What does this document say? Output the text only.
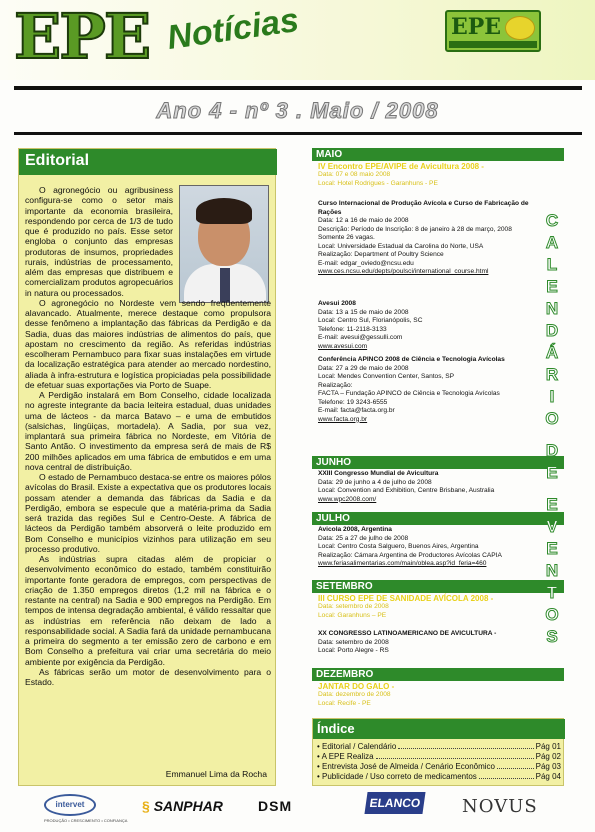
EPE Notícias	EPE
Ano 4 - nº 3 . Maio / 2008
Editorial

O agronegócio ou agribusiness configura-se como o setor mais importante da economia brasileira, respondendo por cerca de 1/3 de tudo que é produzido no país. Esse setor engloba o conjunto das empresas produtoras de insumos, propriedades rurais, indústrias de processamento, além das empresas que distribuem e comercializam produtos agropecuários in natura ou processados.

O agronegócio no Nordeste vem sendo freqüentemente alavancado. Atualmente, merece destaque como propulsora desse fenômeno a implantação das fábricas da Perdigão e da Sadia, duas das maiores indústrias de alimentos do país, que apostam no crescimento da região. As referidas indústrias escolheram Pernambuco para fixar suas instalações em virtude da localização estratégica para atender ao mercado nordestino, aliada à infra-estrutura e logística propiciadas pela possibilidade de efetuar suas exportações via Porto de Suape.

A Perdigão instalará em Bom Conselho, cidade localizada no agreste integrante da bacia leiteira estadual, duas unidades uma de lácteos - da marca Batavo – e uma de embutidos (salsichas, lingüiças, mortadela). A Sadia, por sua vez, implantará sua primeira fábrica no Nordeste, em Vitória de Santo Antão. O investimento da empresa será de mais de R$ 200 milhões aplicados em uma fábrica de embutidos e em uma nova central de distribuição.

O estado de Pernambuco destaca-se entre os maiores pólos avícolas do Brasil. Existe a expectativa que os produtores locais possam atender a demanda das fábricas da Sadia e da Perdigão, embora se especule que a matéria-prima da Sadia será trazida das regiões Sul e Centro-Oeste. A fábrica de lácteos da Perdigão também absorverá o leite produzido em Bom Conselho e municípios vizinhos para utilização em seu processo produtivo.

As indústrias supra citadas além de propiciar o desenvolvimento econômico do estado, também constituirão importante fonte geradora de empregos, com perspectivas de criação de 1.350 empregos diretos (1,2 mil na fábrica e o restante na central) na Sadia e 900 empregos na Perdigão. Em tempos de intensa degradação ambiental, é válido ressaltar que as indústrias em referência não deixam de lado a responsabilidade social. A Sadia fará da unidade pernambucana a primeira do segmento a ter emissão zero de carbono e em Bom Conselho a prefeitura vai criar uma secretária do meio ambiente por exigência da Perdigão.

As fábricas serão um motor de desenvolvimento para o Estado.

Emmanuel Lima da Rocha
MAIO
IV Encontro EPE/AVIPE de Avicultura 2008 -
Data: 07 e 08 maio 2008
Local: Hotel Rodrigues - Garanhuns - PE
Curso Internacional de Produção Avícola e Curso de Fabricação de Rações
Data: 12 a 16 de maio de 2008
Descrição: Período de Inscrição: 8 de janeiro à 28 de março, 2008
Somente 26 vagas.
Local: Universidade Estadual da Carolina do Norte, USA
Realização: Department of Poultry Science
E-mail: edgar_oviedo@ncsu.edu
www.ces.ncsu.edu/depts/poulsci/international_course.html
Avesui 2008
Data: 13 a 15 de maio de 2008
Local: Centro Sul, Florianópolis, SC
Telefone: 11-2118-3133
E-mail: avesui@gessulli.com
www.avesui.com
Conferência APINCO 2008 de Ciência e Tecnologia Avícolas
Data: 27 a 29 de maio de 2008
Local: Mendes Convention Center, Santos, SP
Realização:
FACTA – Fundação APINCO de Ciência e Tecnologia Avícolas
Telefone: 19 3243-6555
E-mail: facta@facta.org.br
www.facta.org.br
JUNHO
XXIII Congresso Mundial de Avicultura
Data: 29 de junho a 4 de julho de 2008
Local: Convention and Exhibition, Centre Brisbane, Australia
www.wpc2008.com/
JULHO
Avicola 2008, Argentina
Data: 25 a 27 de julho de 2008
Local: Centro Costa Salguero, Buenos Aires, Argentina
Realização: Cámara Argentina de Productores Avícolas CAPIA
www.feriasalimentarias.com/main/oblea.asp?id_feria=460
SETEMBRO
III CURSO EPE DE SANIDADE AVÍCOLA 2008 -
Data: setembro de 2008
Local: Garanhuns – PE
XX CONGRESSO LATINOAMERICANO DE AVICULTURA -
Data: setembro de 2008
Local: Porto Alegre - RS
DEZEMBRO
JANTAR DO GALO -
Data: dezembro de 2008
Local: Recife - PE
C
A
L
E
N
D
Á
R
I
O
D
E
E
V
E
N
T
O
S
Índice
• Editorial / Calendário	Pág 01
• A EPE Realiza	Pág 02
• Entrevista José de Almeida / Cenário Econômico	Pág 03
• Publicidade / Uso correto de medicamentos	Pág 04
intervet
PRODUÇÃO • CRESCIMENTO • CONFIANÇA
§ SANPHAR	DSM	ELANCO NOVUS
